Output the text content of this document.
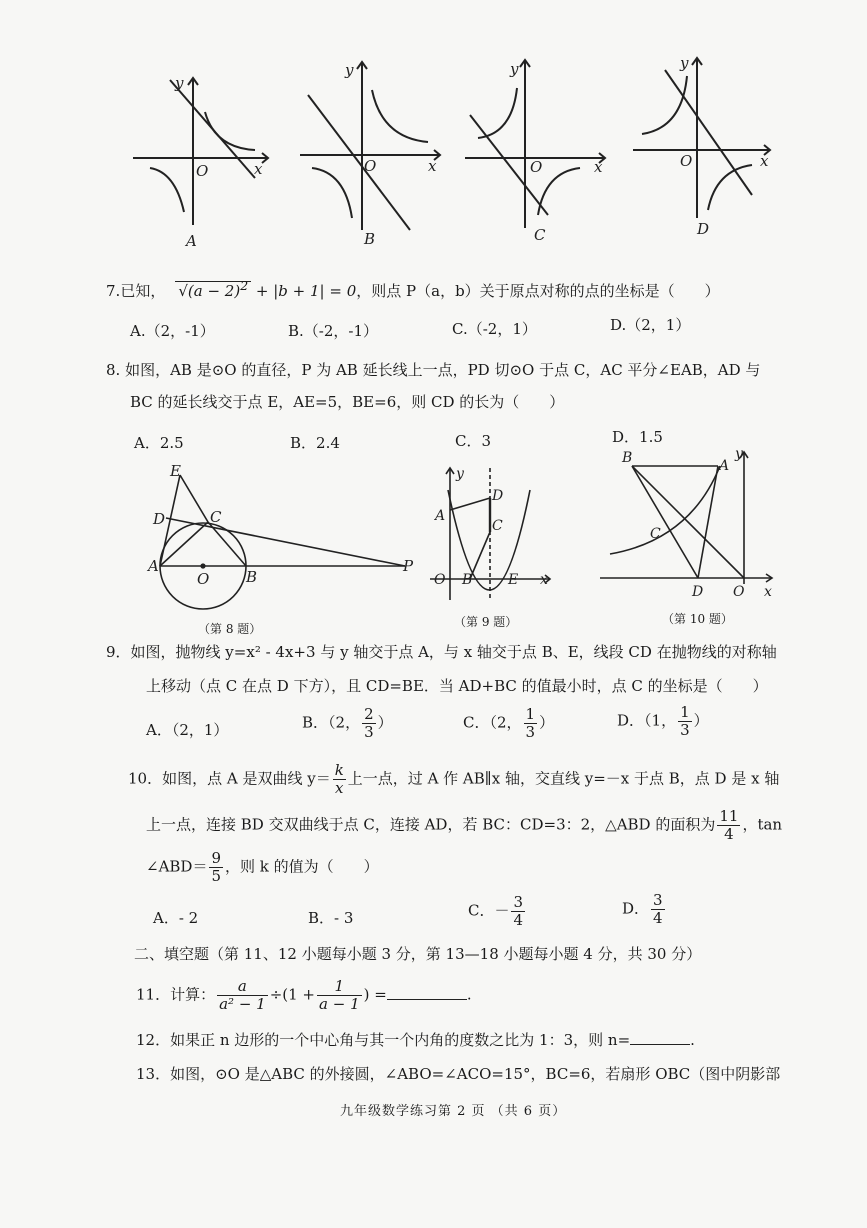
y
O	x
A
y
O	x
B
y
O	x
C
y
O	x
D
7.已知， $√(a - 2)^2 + |b + 1| = 0$，则点 P（a，b）关于原点对称的点的坐标是（　　）
A.（2，-1）	B.（-2，-1）	C.（-2，1）	D.（2，1）
8. 如图，AB 是⊙O 的直径，P 为 AB 延长线上一点，PD 切⊙O 于点 C，AC 平分∠EAB，AD 与
BC 的延长线交于点 E，AE=5，BE=6，则 CD 的长为（　　）
A．2.5	B．2.4	C．3	D．1.5
E
D	C
A
O B
P
y
D
A
C
O B	E x
B	A
y
C
D O x
（第 8 题）	（第 9 题）	（第 10 题）
9．如图，抛物线 y=x² - 4x+3 与 y 轴交于点 A，与 x 轴交于点 B、E，线段 CD 在抛物线的对称轴
上移动（点 C 在点 D 下方），且 CD=BE．当 AD+BC 的值最小时，点 C 的坐标是（　　）
A．（2，1）	B．（2， $\frac{2}{3}$ ）	C．（2， $\frac{1}{3}$ ）	D．（1， $\frac{1}{3}$ ）
10．如图，点 A 是双曲线 $y= \frac{k}{x}$ 上一点，过 A 作 AB∥x 轴，交直线 y=－x 于点 B，点 D 是 x 轴
上一点，连接 BD 交双曲线于点 C，连接 AD，若 BC：CD=3：2，△ABD 的面积为 $\frac{11}{4}$ ，tan
∠ABD＝ $\frac{9}{5}$ ，则 k 的值为（　　）
A．- 2	B．- 3	C．－ $\frac{3}{4}$	D． $\frac{3}{4}$
二、填空题（第 11、12 小题每小题 3 分，第 13—18 小题每小题 4 分，共 30 分）
11．计算： $\frac{a}{\text{a² − 1}} \div(1 + \frac{1}{a - 1}$ ) =	.
12．如果正 n 边形的一个中心角与其一个内角的度数之比为 1：3，则 n=	.
13．如图，⊙O 是△ABC 的外接圆，∠ABO=∠ACO=15°，BC=6，若扇形 OBC（图中阴影部
九年级数学练习第 2 页 （共 6 页）
